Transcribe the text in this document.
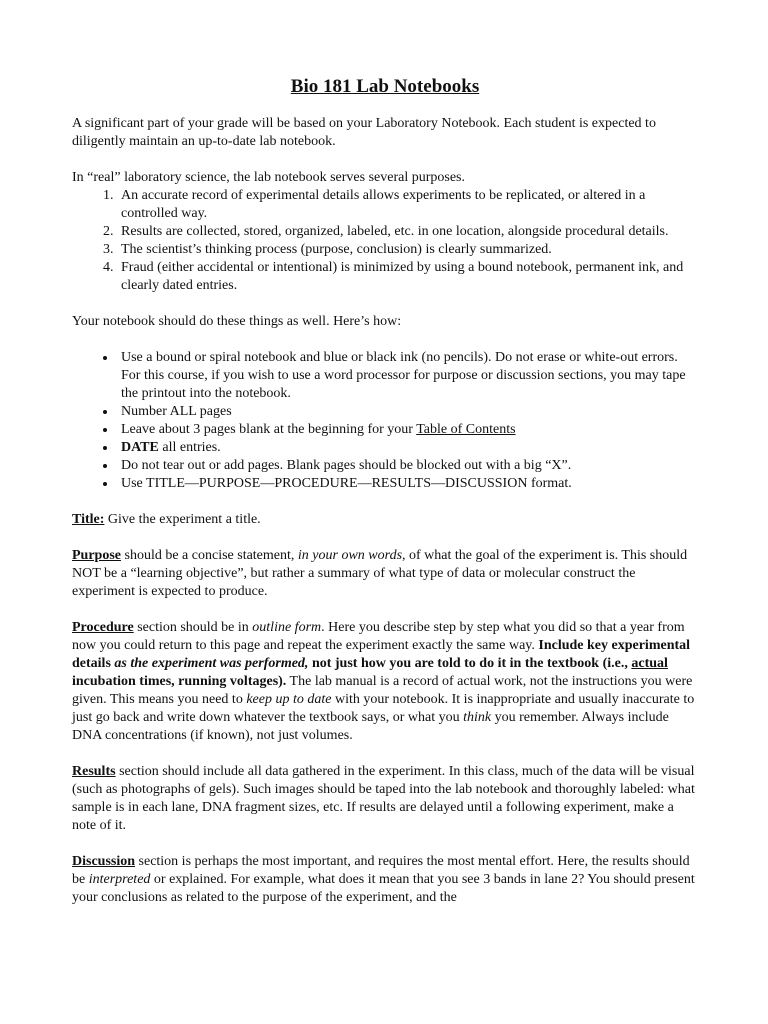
Bio 181 Lab Notebooks

A significant part of your grade will be based on your Laboratory Notebook. Each student is expected to diligently maintain an up-to-date lab notebook.

In “real” laboratory science, the lab notebook serves several purposes.

1. An accurate record of experimental details allows experiments to be replicated, or altered in a controlled way.
2. Results are collected, stored, organized, labeled, etc. in one location, alongside procedural details.
3. The scientist’s thinking process (purpose, conclusion) is clearly summarized.
4. Fraud (either accidental or intentional) is minimized by using a bound notebook, permanent ink, and clearly dated entries.

Your notebook should do these things as well. Here’s how:

• Use a bound or spiral notebook and blue or black ink (no pencils). Do not erase or white-out errors. For this course, if you wish to use a word processor for purpose or discussion sections, you may tape the printout into the notebook.
• Number ALL pages
• Leave about 3 pages blank at the beginning for your Table of Contents
• DATE all entries.
• Do not tear out or add pages. Blank pages should be blocked out with a big “X”.
• Use TITLE—PURPOSE—PROCEDURE—RESULTS—DISCUSSION format.

Title: Give the experiment a title.

Purpose should be a concise statement, in your own words, of what the goal of the experiment is. This should NOT be a “learning objective”, but rather a summary of what type of data or molecular construct the experiment is expected to produce.

Procedure section should be in outline form. Here you describe step by step what you did so that a year from now you could return to this page and repeat the experiment exactly the same way. Include key experimental details as the experiment was performed, not just how you are told to do it in the textbook (i.e., actual incubation times, running voltages). The lab manual is a record of actual work, not the instructions you were given. This means you need to keep up to date with your notebook. It is inappropriate and usually inaccurate to just go back and write down whatever the textbook says, or what you think you remember. Always include DNA concentrations (if known), not just volumes.

Results section should include all data gathered in the experiment. In this class, much of the data will be visual (such as photographs of gels). Such images should be taped into the lab notebook and thoroughly labeled: what sample is in each lane, DNA fragment sizes, etc. If results are delayed until a following experiment, make a note of it.

Discussion section is perhaps the most important, and requires the most mental effort. Here, the results should be interpreted or explained. For example, what does it mean that you see 3 bands in lane 2? You should present your conclusions as related to the purpose of the experiment, and the
